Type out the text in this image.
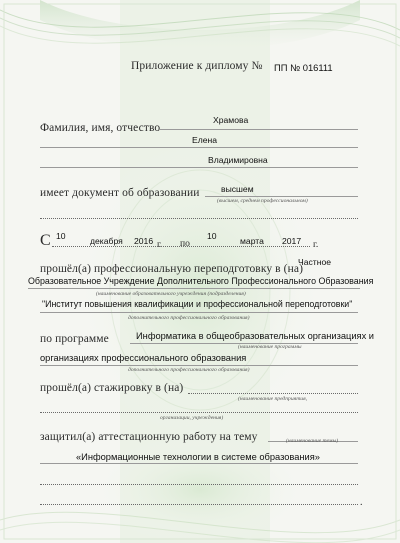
Приложение к диплому № ПП № 016111
Храмова
Фамилия, имя, отчество
Елена
Владимировна
имеет документ об образовании высшем
(высшем, среднем профессиональном)
С 10	декабря 2016 г. по
10	марта 2017 г.
прошёл(а) профессиональную переподготовку в (на)
Частное
Образовательное Учреждение Дополнительного Профессионального Образования
(наименование образовательного учреждения (подразделения)
"Институт повышения квалификации и профессиональной переподготовки"
дополнительного профессионального образования)
по программе	Информатика в общеобразовательных организациях и
(наименование программы
организациях профессионального образования
дополнительного профессионального образования)
прошёл(а) стажировку в (на)
(наименование предприятия,
организации, учреждения)
защитил(а) аттестационную работу на тему	(наименование темы)
«Информационные технологии в системе образования»
.
